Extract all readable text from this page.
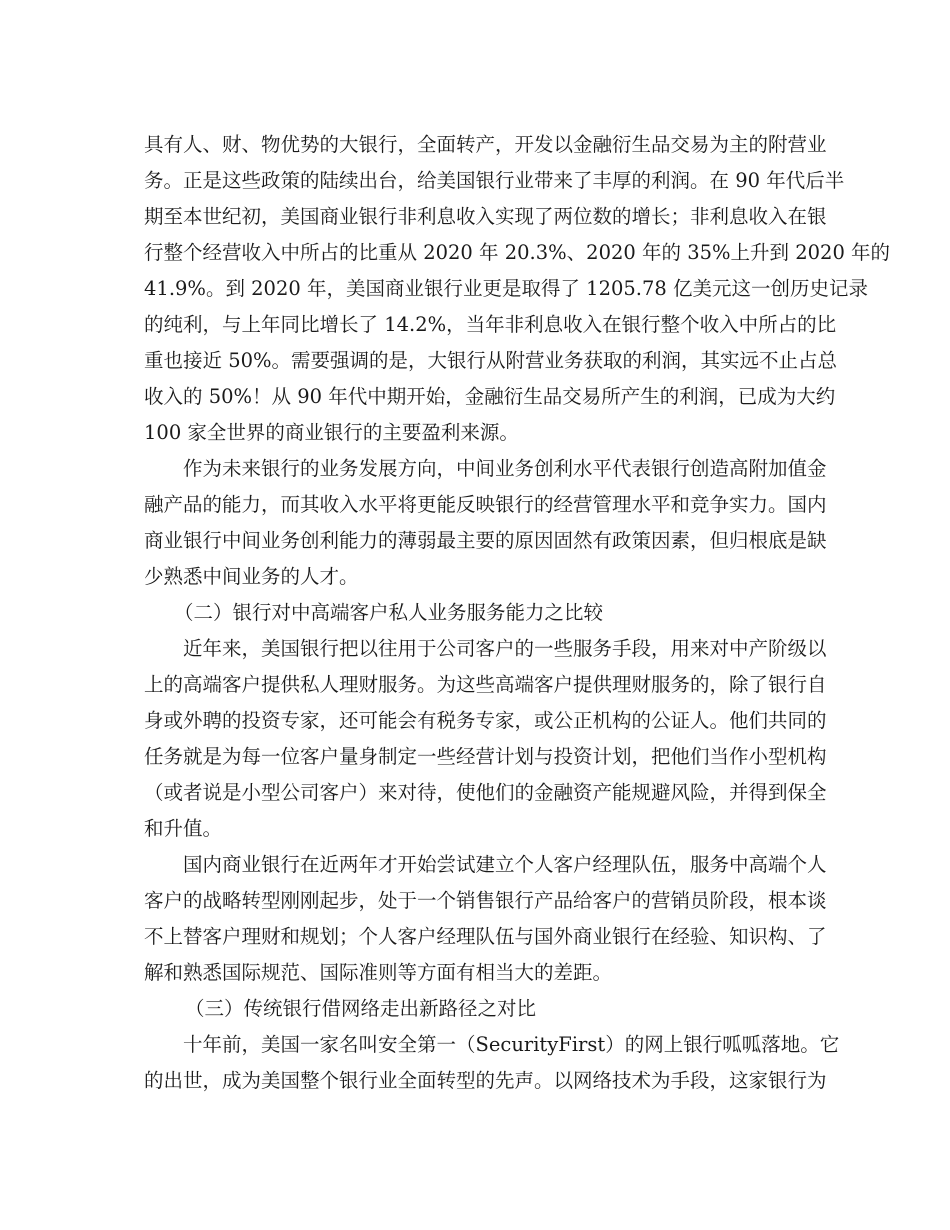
具有人、财、物优势的大银行，全面转产，开发以金融衍生品交易为主的附营业
务。正是这些政策的陆续出台，给美国银行业带来了丰厚的利润。在 90 年代后半
期至本世纪初，美国商业银行非利息收入实现了两位数的增长；非利息收入在银
行整个经营收入中所占的比重从 2020 年 20.3%、2020 年的 35%上升到 2020 年的
41.9%。到 2020 年，美国商业银行业更是取得了 1205.78 亿美元这一创历史记录
的纯利，与上年同比增长了 14.2%，当年非利息收入在银行整个收入中所占的比
重也接近 50%。需要强调的是，大银行从附营业务获取的利润，其实远不止占总
收入的 50%！从 90 年代中期开始，金融衍生品交易所产生的利润，已成为大约
100 家全世界的商业银行的主要盈利来源。
作为未来银行的业务发展方向，中间业务创利水平代表银行创造高附加值金
融产品的能力，而其收入水平将更能反映银行的经营管理水平和竞争实力。国内
商业银行中间业务创利能力的薄弱最主要的原因固然有政策因素，但归根底是缺
少熟悉中间业务的人才。
（二）银行对中高端客户私人业务服务能力之比较
近年来，美国银行把以往用于公司客户的一些服务手段，用来对中产阶级以
上的高端客户提供私人理财服务。为这些高端客户提供理财服务的，除了银行自
身或外聘的投资专家，还可能会有税务专家，或公正机构的公证人。他们共同的
任务就是为每一位客户量身制定一些经营计划与投资计划，把他们当作小型机构
（或者说是小型公司客户）来对待，使他们的金融资产能规避风险，并得到保全
和升值。
国内商业银行在近两年才开始尝试建立个人客户经理队伍，服务中高端个人
客户的战略转型刚刚起步，处于一个销售银行产品给客户的营销员阶段，根本谈
不上替客户理财和规划；个人客户经理队伍与国外商业银行在经验、知识构、了
解和熟悉国际规范、国际准则等方面有相当大的差距。
（三）传统银行借网络走出新路径之对比
十年前，美国一家名叫安全第一（SecurityFirst）的网上银行呱呱落地。它
的出世，成为美国整个银行业全面转型的先声。以网络技术为手段，这家银行为
